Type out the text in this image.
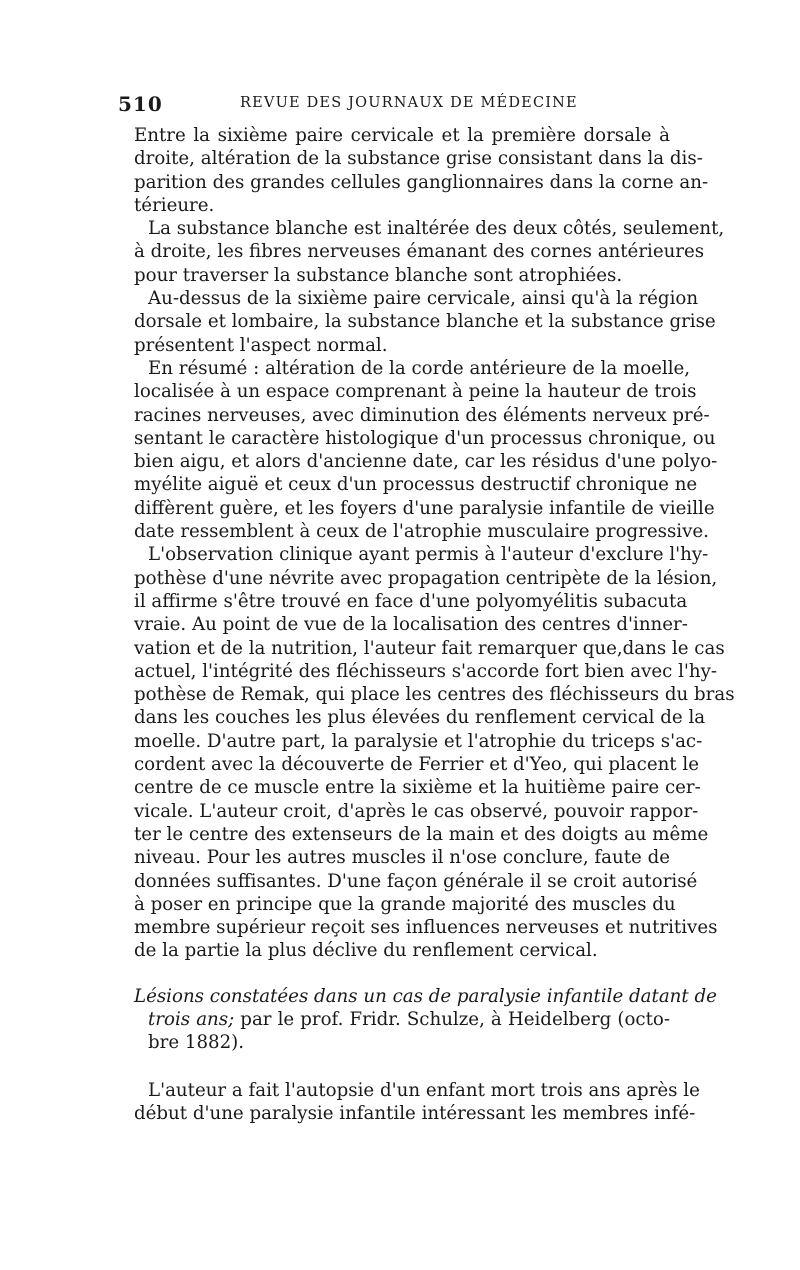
510	REVUE DES JOURNAUX DE MÉDECINE
Entre la sixième paire cervicale et la première dorsale à
droite, altération de la substance grise consistant dans la dis-
parition des grandes cellules ganglionnaires dans la corne an-
térieure.
La substance blanche est inaltérée des deux côtés, seulement,
à droite, les fibres nerveuses émanant des cornes antérieures
pour traverser la substance blanche sont atrophiées.
Au-dessus de la sixième paire cervicale, ainsi qu'à la région
dorsale et lombaire, la substance blanche et la substance grise
présentent l'aspect normal.
En résumé : altération de la corde antérieure de la moelle,
localisée à un espace comprenant à peine la hauteur de trois
racines nerveuses, avec diminution des éléments nerveux pré-
sentant le caractère histologique d'un processus chronique, ou
bien aigu, et alors d'ancienne date, car les résidus d'une polyo-
myélite aiguë et ceux d'un processus destructif chronique ne
diffèrent guère, et les foyers d'une paralysie infantile de vieille
date ressemblent à ceux de l'atrophie musculaire progressive.
L'observation clinique ayant permis à l'auteur d'exclure l'hy-
pothèse d'une névrite avec propagation centripète de la lésion,
il affirme s'être trouvé en face d'une polyomyélitis subacuta
vraie. Au point de vue de la localisation des centres d'inner-
vation et de la nutrition, l'auteur fait remarquer que,dans le cas
actuel, l'intégrité des fléchisseurs s'accorde fort bien avec l'hy-
pothèse de Remak, qui place les centres des fléchisseurs du bras
dans les couches les plus élevées du renflement cervical de la
moelle. D'autre part, la paralysie et l'atrophie du triceps s'ac-
cordent avec la découverte de Ferrier et d'Yeo, qui placent le
centre de ce muscle entre la sixième et la huitième paire cer-
vicale. L'auteur croit, d'après le cas observé, pouvoir rappor-
ter le centre des extenseurs de la main et des doigts au même
niveau. Pour les autres muscles il n'ose conclure, faute de
données suffisantes. D'une façon générale il se croit autorisé
à poser en principe que la grande majorité des muscles du
membre supérieur reçoit ses influences nerveuses et nutritives
de la partie la plus déclive du renflement cervical.
Lésions constatées dans un cas de paralysie infantile datant de
trois ans; par le prof. Fridr. Schulze, à Heidelberg (octo-
bre 1882).
L'auteur a fait l'autopsie d'un enfant mort trois ans après le
début d'une paralysie infantile intéressant les membres infé-
